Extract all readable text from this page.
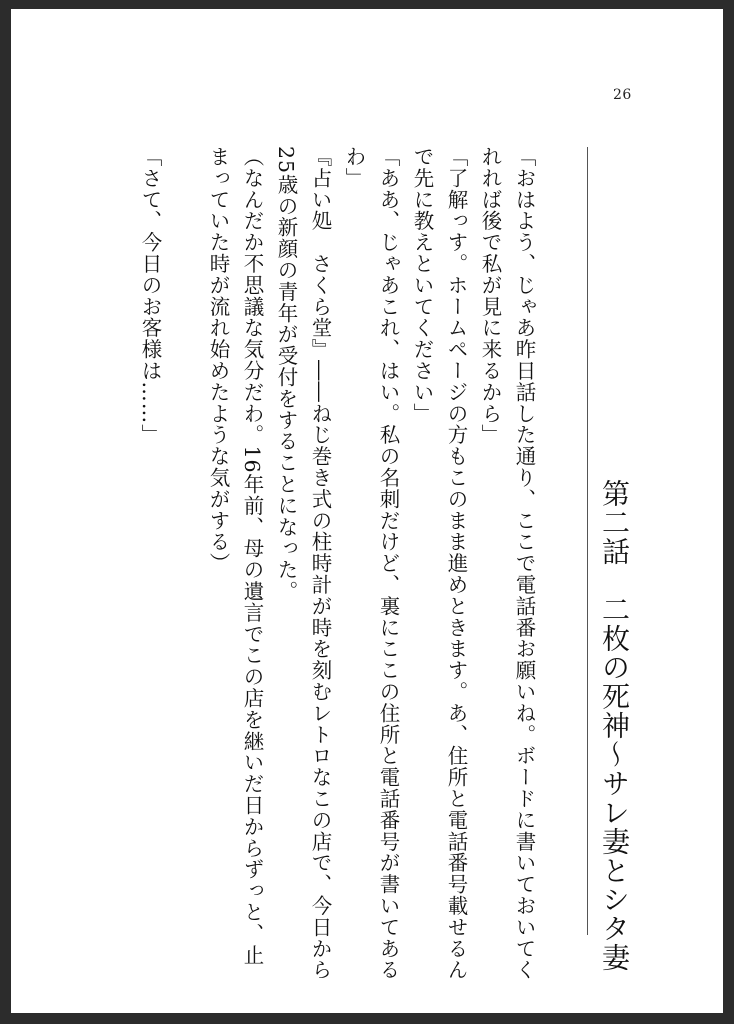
26
第二話　二枚の死神～サレ妻とシタ妻

「おはよう、じゃあ昨日話した通り、ここで電話番お願いね。ボードに書いておいてくれれば後で私が見に来るから」

「了解っす。ホームページの方もこのまま進めときます。あ、住所と電話番号載せるんで先に教えといてください」

「ああ、じゃあこれ、はい。私の名刺だけど、裏にここの住所と電話番号が書いてあるわ」

『占い処　さくら堂』――ねじ巻き式の柱時計が時を刻むレトロなこの店で、今日から25歳の新顔の青年が受付をすることになった。

（なんだか不思議な気分だわ。16年前、母の遺言でこの店を継いだ日からずっと、止まっていた時が流れ始めたような気がする）

「さて、今日のお客様は……」
